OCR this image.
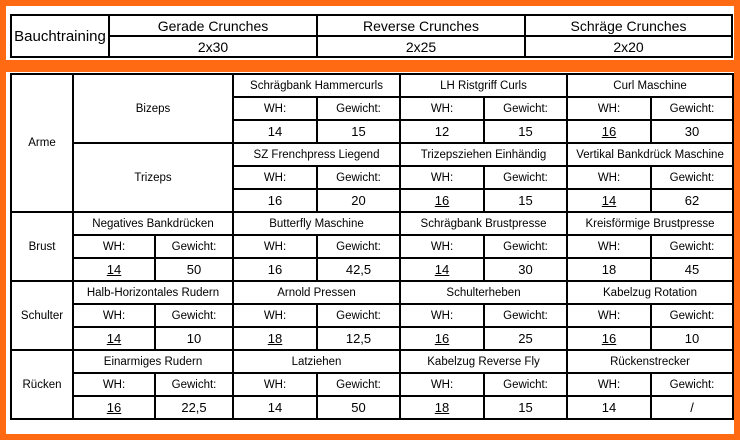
Bauchtraining	Gerade Crunches	Reverse Crunches	Schräge Crunches
	2x30	2x25	2x20
Arme	Bizeps		Schrägbank Hammercurls		LH Ristgriff Curls		Curl Maschine	
			WH:	Gewicht:	WH:	Gewicht:	WH:	Gewicht:
			14	15	12	15	16	30
	Trizeps		SZ Frenchpress Liegend		Trizepsziehen Einhändig		Vertikal Bankdrück Maschine	
			WH:	Gewicht:	WH:	Gewicht:	WH:	Gewicht:
			16	20	16	15	14	62
Brust	Negatives Bankdrücken		Butterfly Maschine		Schrägbank Brustpresse		Kreisförmige Brustpresse	
	WH:	Gewicht:	WH:	Gewicht:	WH:	Gewicht:	WH:	Gewicht:
	14	50	16	42,5	14	30	18	45
Schulter	Halb-Horizontales Rudern		Arnold Pressen		Schulterheben		Kabelzug Rotation	
	WH:	Gewicht:	WH:	Gewicht:	WH:	Gewicht:	WH:	Gewicht:
	14	10	18	12,5	16	25	16	10
Rücken	Einarmiges Rudern		Latziehen		Kabelzug Reverse Fly		Rückenstrecker	
	WH:	Gewicht:	WH:	Gewicht:	WH:	Gewicht:	WH:	Gewicht:
	16	22,5	14	50	18	15	14	/
